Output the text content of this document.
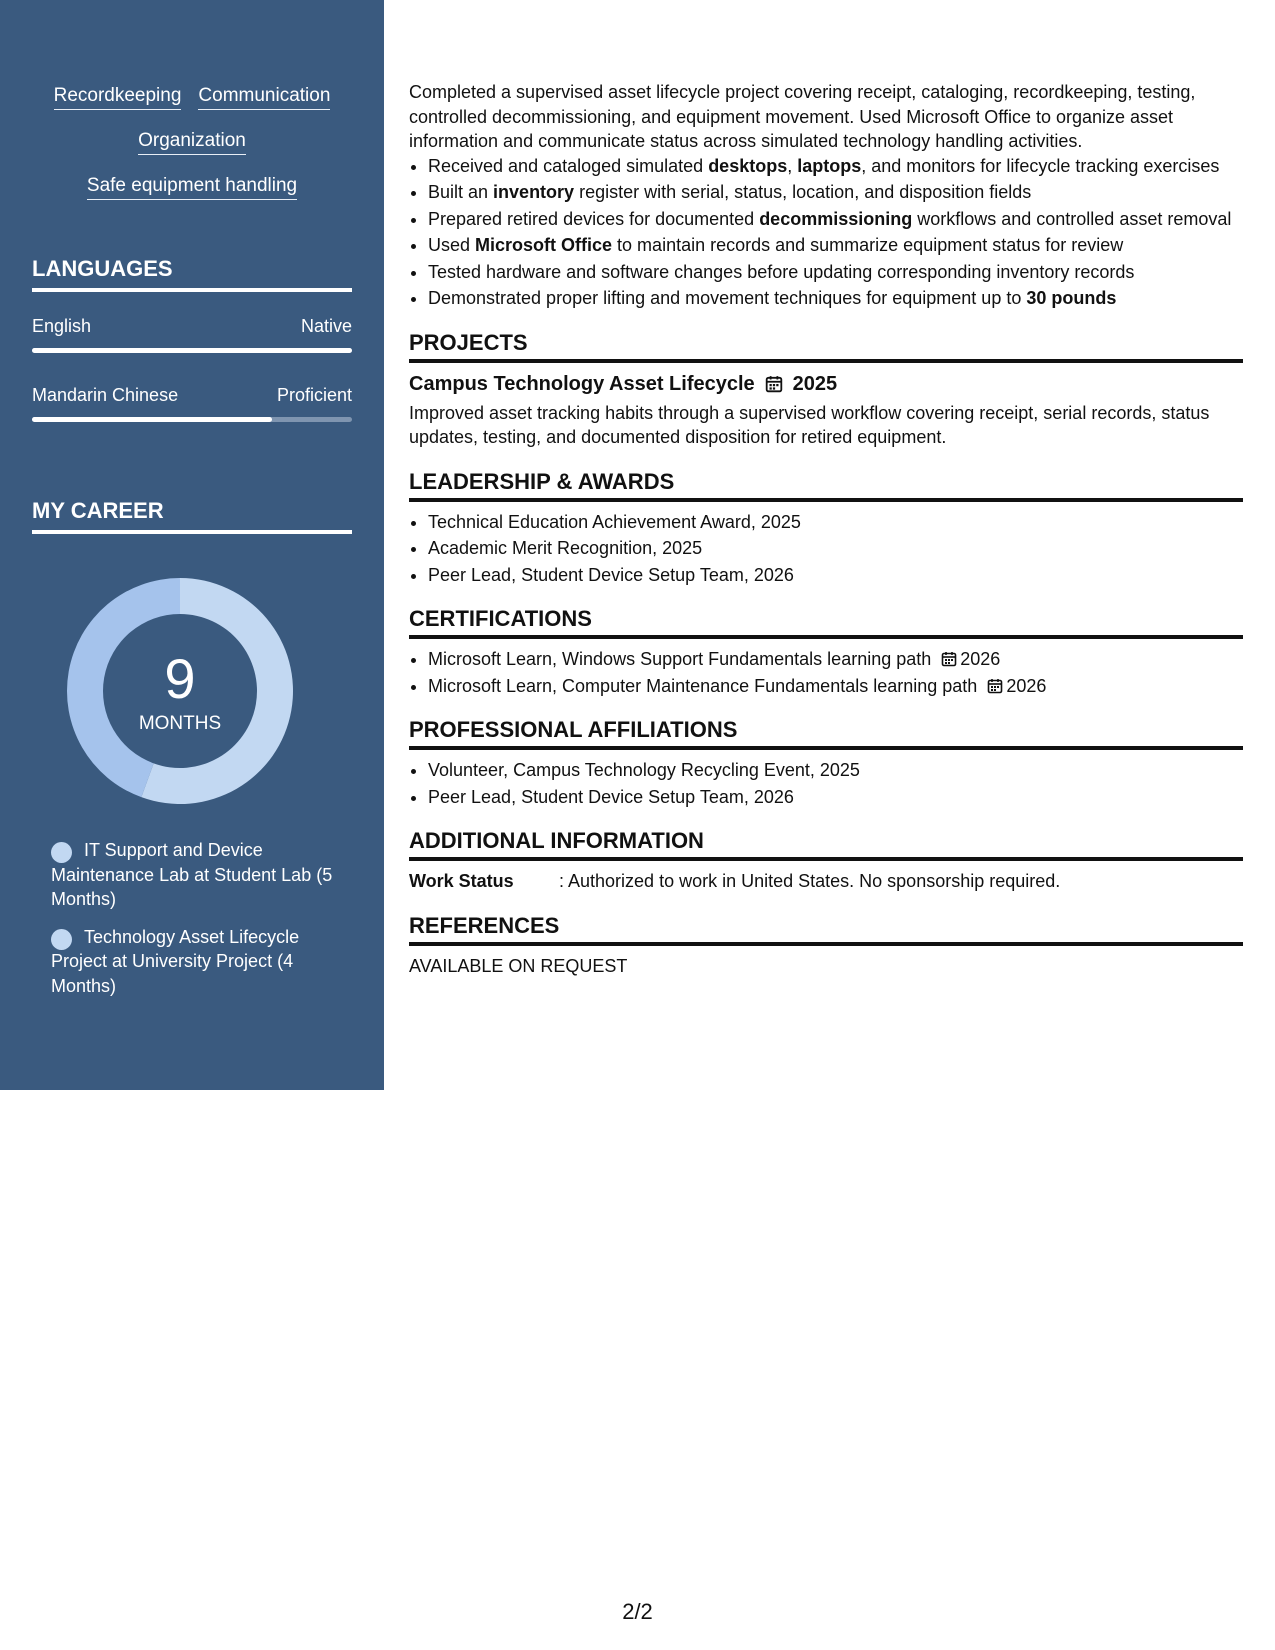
Recordkeeping Communication
Organization
Safe equipment handling
LANGUAGES
English	Native
Mandarin Chinese	Proficient
MY CAREER
9
MONTHS
IT Support and Device Maintenance Lab at Student Lab (5 Months)
Technology Asset Lifecycle Project at University Project (4 Months)

Completed a supervised asset lifecycle project covering receipt, cataloging, recordkeeping, testing, controlled decommissioning, and equipment movement. Used Microsoft Office to organize asset information and communicate status across simulated technology handling activities.

• Received and cataloged simulated desktops, laptops, and monitors for lifecycle tracking exercises
• Built an inventory register with serial, status, location, and disposition fields
• Prepared retired devices for documented decommissioning workflows and controlled asset removal
• Used Microsoft Office to maintain records and summarize equipment status for review
• Tested hardware and software changes before updating corresponding inventory records
• Demonstrated proper lifting and movement techniques for equipment up to 30 pounds
PROJECTS
Campus Technology Asset Lifecycle 2025

Improved asset tracking habits through a supervised workflow covering receipt, serial records, status updates, testing, and documented disposition for retired equipment.

LEADERSHIP & AWARDS
• Technical Education Achievement Award, 2025
• Academic Merit Recognition, 2025
• Peer Lead, Student Device Setup Team, 2026
CERTIFICATIONS
• Microsoft Learn, Windows Support Fundamentals learning path 2026
• Microsoft Learn, Computer Maintenance Fundamentals learning path 2026
PROFESSIONAL AFFILIATIONS
• Volunteer, Campus Technology Recycling Event, 2025
• Peer Lead, Student Device Setup Team, 2026
ADDITIONAL INFORMATION
Work Status	: Authorized to work in United States. No sponsorship required.
REFERENCES
AVAILABLE ON REQUEST
2/2
